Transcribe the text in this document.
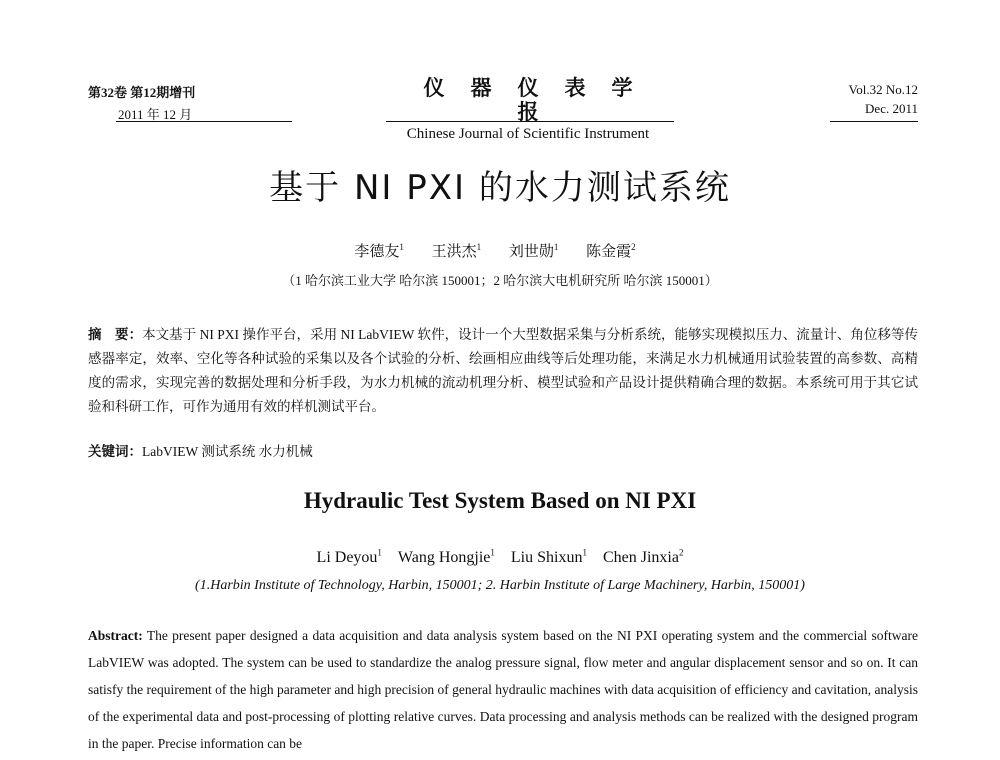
第32卷 第12期增刊
2011 年 12 月
仪器仪表学报
Chinese Journal of Scientific Instrument
Vol.32 No.12
Dec. 2011
基于 NI PXI 的水力测试系统
李德友$^1$ 王洪杰$^1$ 刘世勋$^1$ 陈金霞$^2$
（1 哈尔滨工业大学 哈尔滨 150001；2 哈尔滨大电机研究所 哈尔滨 150001）
摘　要：本文基于 NI PXI 操作平台，采用 NI LabVIEW 软件，设计一个大型数据采集与分析系统，能够实现模拟压力、流量计、角位移等传感器率定，效率、空化等各种试验的采集以及各个试验的分析、绘画相应曲线等后处理功能，来满足水力机械通用试验装置的高参数、高精度的需求，实现完善的数据处理和分析手段，为水力机械的流动机理分析、模型试验和产品设计提供精确合理的数据。本系统可用于其它试验和科研工作，可作为通用有效的样机测试平台。
关键词：LabVIEW 测试系统 水力机械
Hydraulic Test System Based on NI PXI
Li Deyou$^1$ Wang Hongjie$^1$ Liu Shixun$^1$ Chen Jinxia$^2$
(1.Harbin Institute of Technology, Harbin, 150001; 2. Harbin Institute of Large Machinery, Harbin, 150001)
Abstract: The present paper designed a data acquisition and data analysis system based on the NI PXI operating system and the commercial software LabVIEW was adopted. The system can be used to standardize the analog pressure signal, flow meter and angular displacement sensor and so on. It can satisfy the requirement of the high parameter and high precision of general hydraulic machines with data acquisition of efficiency and cavitation, analysis of the experimental data and post-processing of plotting relative curves. Data processing and analysis methods can be realized with the designed program in the paper. Precise information can be
